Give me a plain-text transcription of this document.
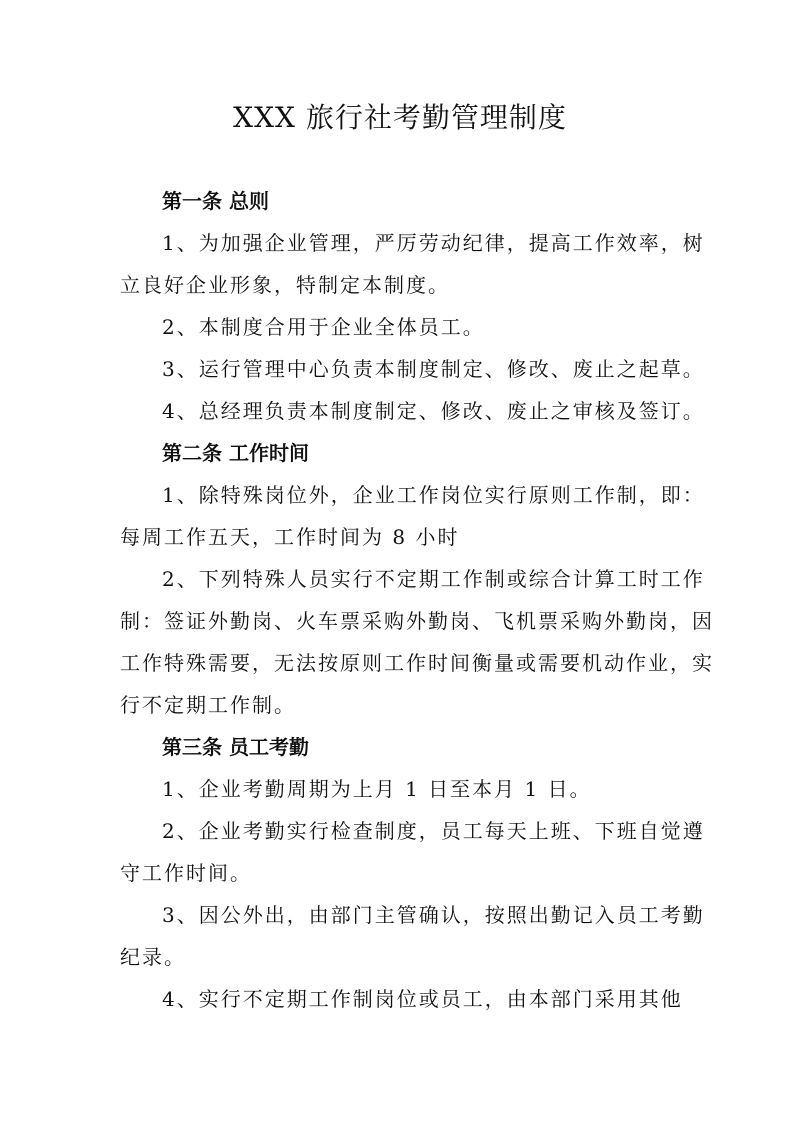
XXX 旅行社考勤管理制度
第一条 总则

1、为加强企业管理，严厉劳动纪律，提高工作效率，树立良好企业形象，特制定本制度。

2、本制度合用于企业全体员工。

3、运行管理中心负责本制度制定、修改、废止之起草。

4、总经理负责本制度制定、修改、废止之审核及签订。

第二条 工作时间

1、除特殊岗位外，企业工作岗位实行原则工作制，即：每周工作五天，工作时间为 8 小时

2、下列特殊人员实行不定期工作制或综合计算工时工作制：签证外勤岗、火车票采购外勤岗、飞机票采购外勤岗，因工作特殊需要，无法按原则工作时间衡量或需要机动作业，实行不定期工作制。

第三条 员工考勤

1、企业考勤周期为上月 1 日至本月 1 日。

2、企业考勤实行检查制度，员工每天上班、下班自觉遵守工作时间。

3、因公外出，由部门主管确认，按照出勤记入员工考勤纪录。

4、实行不定期工作制岗位或员工，由本部门采用其他
